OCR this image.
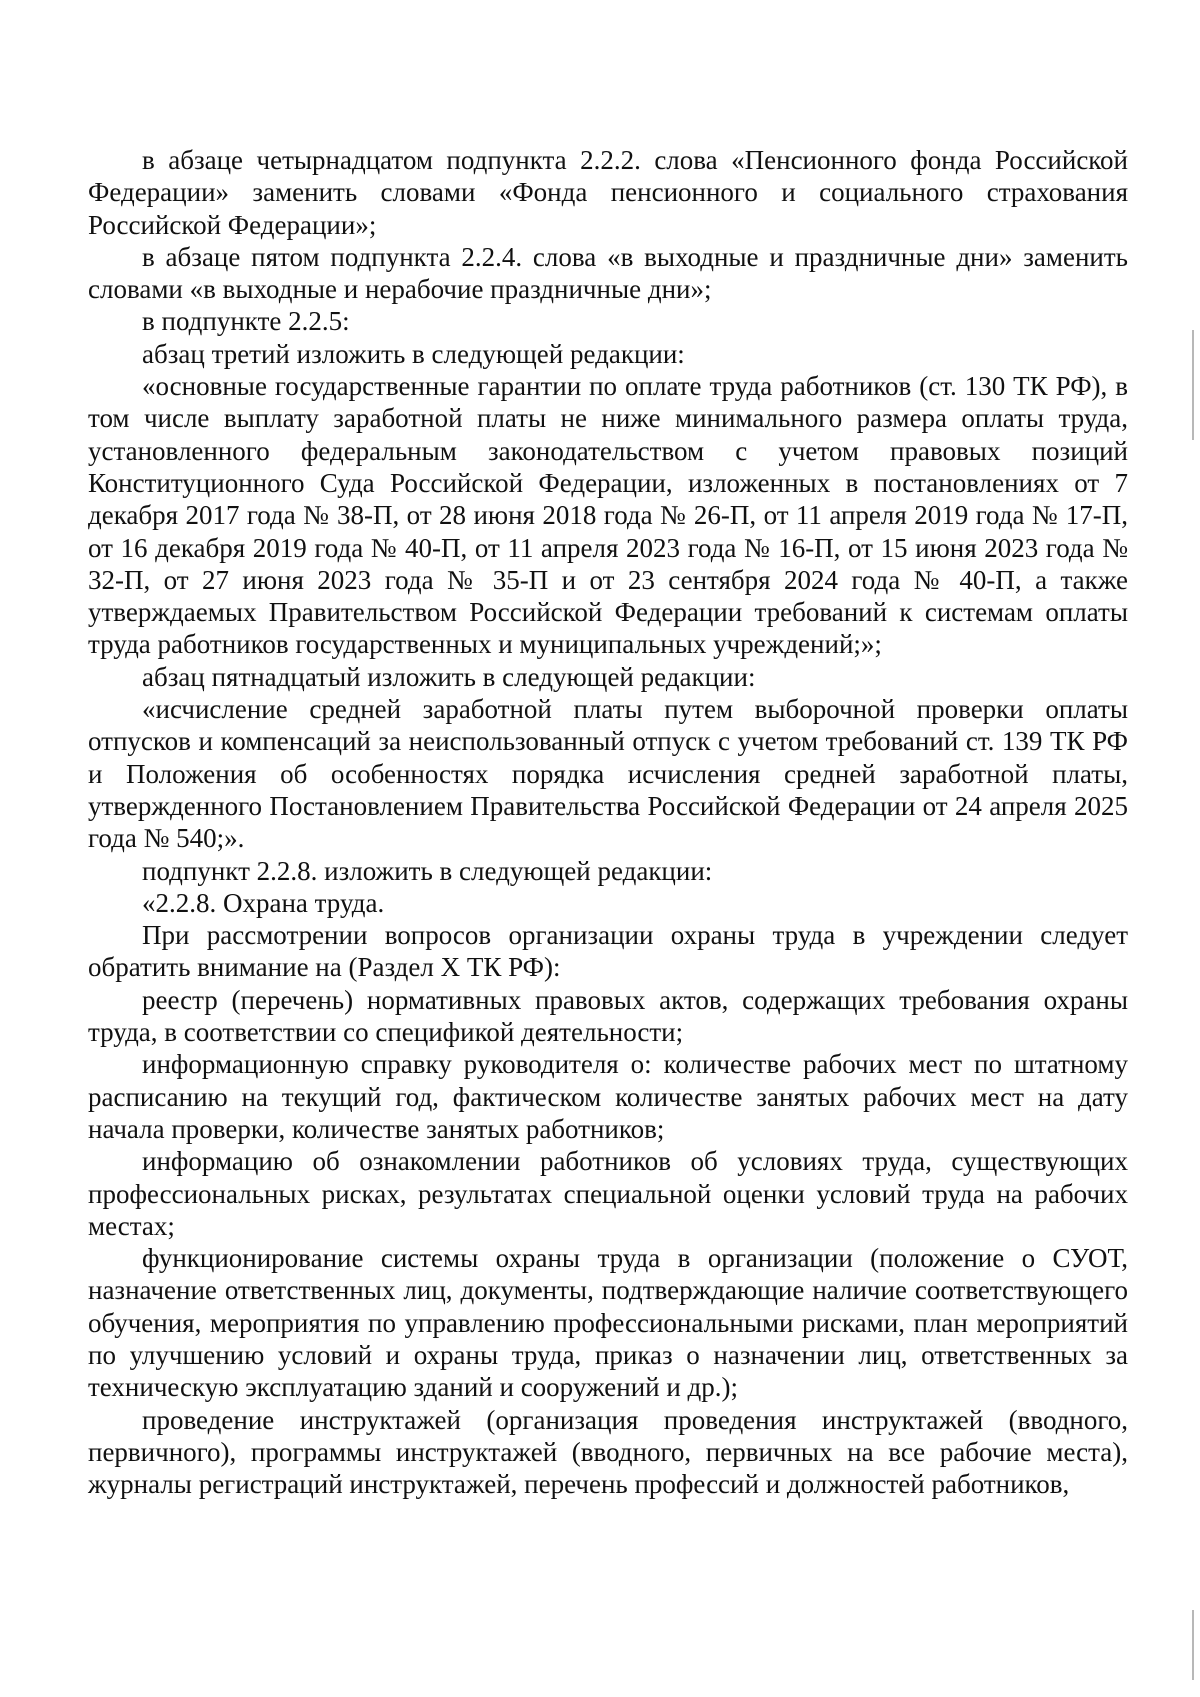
в абзаце четырнадцатом подпункта 2.2.2. слова «Пенсионного фонда Российской Федерации» заменить словами «Фонда пенсионного и социального страхования Российской Федерации»;

в абзаце пятом подпункта 2.2.4. слова «в выходные и праздничные дни» заменить словами «в выходные и нерабочие праздничные дни»;

в подпункте 2.2.5:

абзац третий изложить в следующей редакции:

«основные государственные гарантии по оплате труда работников (ст. 130 ТК РФ), в том числе выплату заработной платы не ниже минимального размера оплаты труда, установленного федеральным законодательством с учетом правовых позиций Конституционного Суда Российской Федерации, изложенных в постановлениях от 7 декабря 2017 года № 38-П, от 28 июня 2018 года № 26-П, от 11 апреля 2019 года № 17-П, от 16 декабря 2019 года № 40-П, от 11 апреля 2023 года № 16-П, от 15 июня 2023 года № 32-П, от 27 июня 2023 года № 35-П и от 23 сентября 2024 года № 40-П, а также утверждаемых Правительством Российской Федерации требований к системам оплаты труда работников государственных и муниципальных учреждений;»;

абзац пятнадцатый изложить в следующей редакции:

«исчисление средней заработной платы путем выборочной проверки оплаты отпусков и компенсаций за неиспользованный отпуск с учетом требований ст. 139 ТК РФ и Положения об особенностях порядка исчисления средней заработной платы, утвержденного Постановлением Правительства Российской Федерации от 24 апреля 2025 года № 540;».

подпункт 2.2.8. изложить в следующей редакции:

«2.2.8. Охрана труда.

При рассмотрении вопросов организации охраны труда в учреждении следует обратить внимание на (Раздел X ТК РФ):

реестр (перечень) нормативных правовых актов, содержащих требования охраны труда, в соответствии со спецификой деятельности;

информационную справку руководителя о: количестве рабочих мест по штатному расписанию на текущий год, фактическом количестве занятых рабочих мест на дату начала проверки, количестве занятых работников;

информацию об ознакомлении работников об условиях труда, существующих профессиональных рисках, результатах специальной оценки условий труда на рабочих местах;

функционирование системы охраны труда в организации (положение о СУОТ, назначение ответственных лиц, документы, подтверждающие наличие соответствующего обучения, мероприятия по управлению профессиональными рисками, план мероприятий по улучшению условий и охраны труда, приказ о назначении лиц, ответственных за техническую эксплуатацию зданий и сооружений и др.);

проведение инструктажей (организация проведения инструктажей (вводного, первичного), программы инструктажей (вводного, первичных на все рабочие места), журналы регистраций инструктажей, перечень профессий и должностей работников,
